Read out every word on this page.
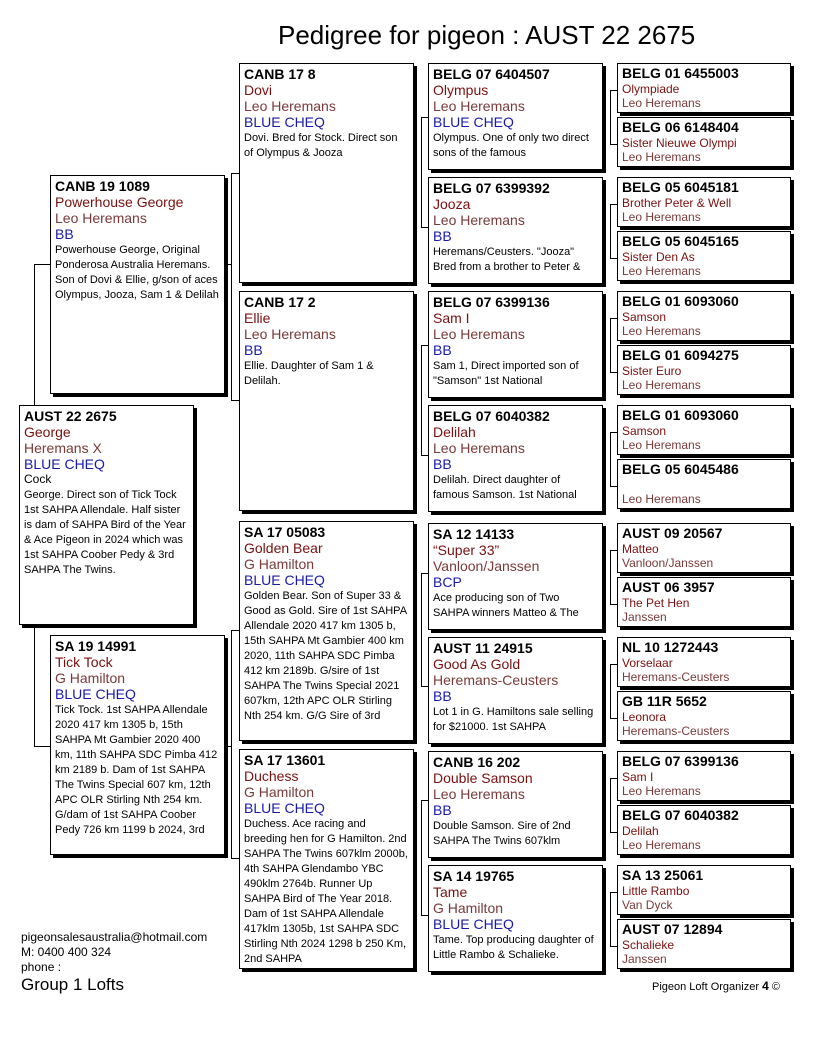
Pedigree for pigeon : AUST 22 2675
AUST 22 2675
George
Heremans X
BLUE CHEQ
Cock
George. Direct son of Tick Tock 1st SAHPA Allendale. Half sister is dam of SAHPA Bird of the Year & Ace Pigeon in 2024 which was 1st SAHPA Coober Pedy & 3rd SAHPA The Twins.
CANB 19 1089
Powerhouse George
Leo Heremans
BB
Powerhouse George, Original Ponderosa Australia Heremans. Son of Dovi & Ellie, g/son of aces Olympus, Jooza, Sam 1 & Delilah
SA 19 14991
Tick Tock
G Hamilton
BLUE CHEQ
Tick Tock. 1st SAHPA Allendale 2020 417 km 1305 b, 15th SAHPA Mt Gambier 2020 400 km, 11th SAHPA SDC Pimba 412 km 2189 b. Dam of 1st SAHPA The Twins Special 607 km, 12th APC OLR Stirling Nth 254 km. G/dam of 1st SAHPA Coober Pedy 726 km 1199 b 2024, 3rd
CANB 17 8
Dovi
Leo Heremans
BLUE CHEQ
Dovi. Bred for Stock. Direct son of Olympus & Jooza
CANB 17 2
Ellie
Leo Heremans
BB
Ellie. Daughter of Sam 1 & Delilah.
SA 17 05083
Golden Bear
G Hamilton
BLUE CHEQ
Golden Bear. Son of Super 33 & Good as Gold. Sire of 1st SAHPA Allendale 2020 417 km 1305 b, 15th SAHPA Mt Gambier 400 km 2020, 11th SAHPA SDC Pimba 412 km 2189b. G/sire of 1st SAHPA The Twins Special 2021 607km, 12th APC OLR Stirling Nth 254 km. G/G Sire of 3rd
SA 17 13601
Duchess
G Hamilton
BLUE CHEQ
Duchess. Ace racing and breeding hen for G Hamilton. 2nd SAHPA The Twins 607klm 2000b, 4th SAHPA Glendambo YBC 490klm 2764b. Runner Up SAHPA Bird of The Year 2018. Dam of 1st SAHPA Allendale 417klm 1305b, 1st SAHPA SDC Stirling Nth 2024 1298 b 250 Km, 2nd SAHPA
BELG 07 6404507
Olympus
Leo Heremans
BLUE CHEQ
Olympus. One of only two direct sons of the famous
BELG 07 6399392
Jooza
Leo Heremans
BB
Heremans/Ceusters. "Jooza" Bred from a brother to Peter &
BELG 07 6399136
Sam I
Leo Heremans
BB
Sam 1, Direct imported son of "Samson" 1st National
BELG 07 6040382
Delilah
Leo Heremans
BB
Delilah. Direct daughter of famous Samson. 1st National
SA 12 14133
“Super 33”
Vanloon/Janssen
BCP
Ace producing son of Two SAHPA winners Matteo & The
AUST 11 24915
Good As Gold
Heremans-Ceusters
BB
Lot 1 in G. Hamiltons sale selling for $21000. 1st SAHPA
CANB 16 202
Double Samson
Leo Heremans
BB
Double Samson. Sire of 2nd SAHPA The Twins 607klm
SA 14 19765
Tame
G Hamilton
BLUE CHEQ
Tame. Top producing daughter of Little Rambo & Schalieke.
BELG 01 6455003
Olympiade
Leo Heremans
BELG 06 6148404
Sister Nieuwe Olympi
Leo Heremans
BELG 05 6045181
Brother Peter & Well
Leo Heremans
BELG 05 6045165
Sister Den As
Leo Heremans
BELG 01 6093060
Samson
Leo Heremans
BELG 01 6094275
Sister Euro
Leo Heremans
BELG 01 6093060
Samson
Leo Heremans
BELG 05 6045486
Leo Heremans
AUST 09 20567
Matteo
Vanloon/Janssen
AUST 06 3957
The Pet Hen
Janssen
NL 10 1272443
Vorselaar
Heremans-Ceusters
GB 11R 5652
Leonora
Heremans-Ceusters
BELG 07 6399136
Sam I
Leo Heremans
BELG 07 6040382
Delilah
Leo Heremans
SA 13 25061
Little Rambo
Van Dyck
AUST 07 12894
Schalieke
Janssen
pigeonsalesaustralia@hotmail.com
M: 0400 400 324
phone :
Group 1 Lofts	Pigeon Loft Organizer 4 ©
